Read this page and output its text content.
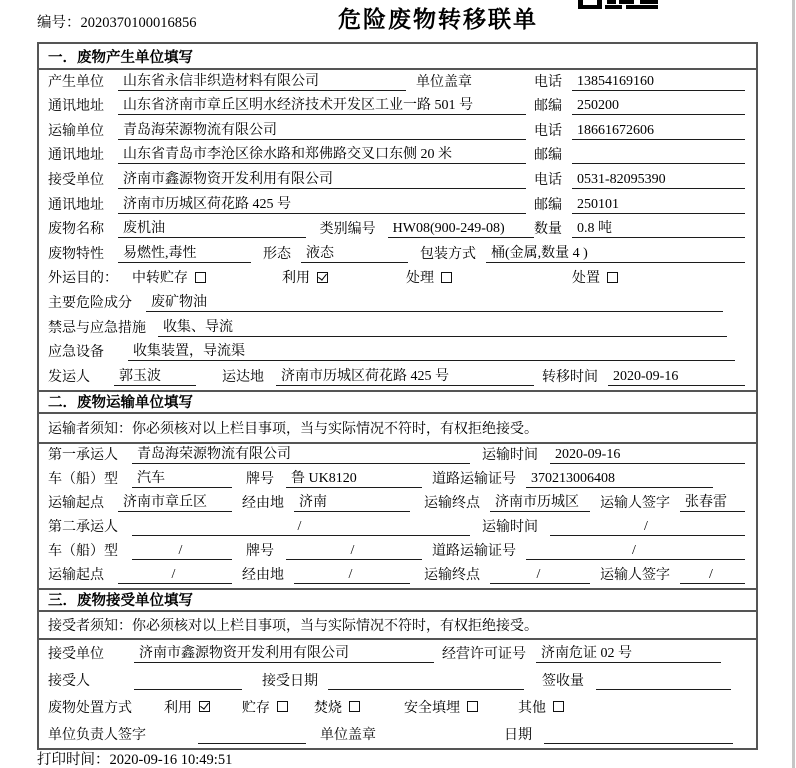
编号：2020370100016856	危险废物转移联单
一．废物产生单位填写
产生单位	山东省永信非织造材料有限公司	单位盖章	电话	13854169160
通讯地址	山东省济南市章丘区明水经济技术开发区工业一路 501 号	邮编	250200
运输单位	青岛海荣源物流有限公司	电话	18661672606
通讯地址	山东省青岛市李沧区徐水路和郑佛路交叉口东侧 20 米	邮编
接受单位	济南市鑫源物资开发利用有限公司	电话	0531-82095390
通讯地址	济南市历城区荷花路 425 号	邮编	250101
废物名称	废机油	类别编号	HW08(900-249-08)	数量	0.8 吨
废物特性	易燃性,毒性	形态	液态	包装方式	桶(金属,数量 4 )
外运目的： 中转贮存	利用	处理	处置
主要危险成分	废矿物油
禁忌与应急措施	收集、导流
应急设备	收集装置，导流渠
发运人	郭玉波	运达地	济南市历城区荷花路 425 号	转移时间	2020-09-16
二．废物运输单位填写
运输者须知：你必须核对以上栏目事项，当与实际情况不符时，有权拒绝接受。
第一承运人	青岛海荣源物流有限公司	运输时间	2020-09-16
车（船）型	汽车	牌号	鲁 UK8120	道路运输证号	370213006408
运输起点	济南市章丘区	经由地	济南	运输终点	济南市历城区	运输人签字	张春雷
第二承运人	/	运输时间	/
车（船）型	/	牌号	/	道路运输证号	/
运输起点	/	经由地	/	运输终点	/	运输人签字	/
三．废物接受单位填写
接受者须知：你必须核对以上栏目事项，当与实际情况不符时，有权拒绝接受。
接受单位	济南市鑫源物资开发利用有限公司	经营许可证号	济南危证 02 号
接受人	接受日期	签收量
废物处置方式 利用	贮存	焚烧	安全填埋	其他
单位负责人签字	单位盖章	日期
打印时间：2020-09-16 10:49:51
